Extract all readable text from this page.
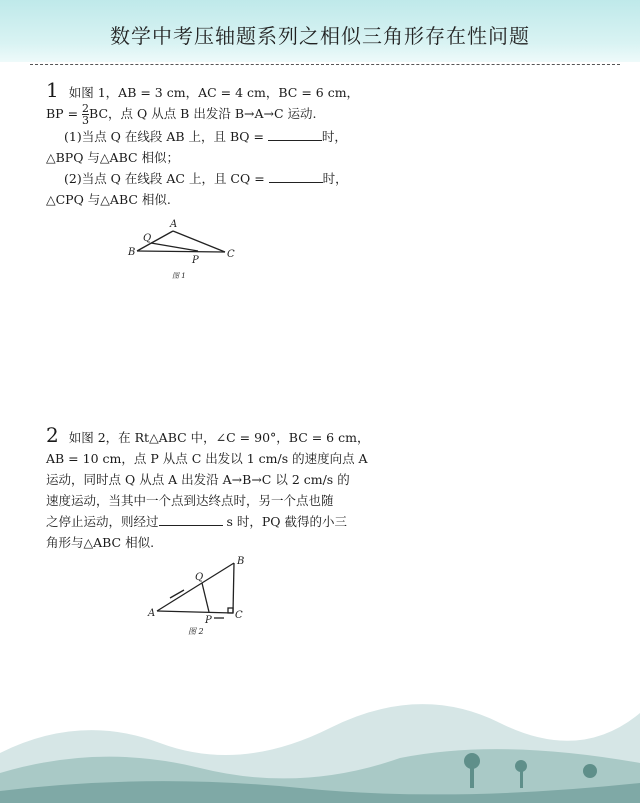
数学中考压轴题系列之相似三角形存在性问题
1 如图 1，AB = 3 cm，AC = 4 cm，BC = 6 cm，
BP = $\frac{2}{3}$ BC，点 Q 从点 B 出发沿 B→A→C 运动.
(1)当点 Q 在线段 AB 上，且 BQ =	时，
△BPQ 与△ABC 相似；
(2)当点 Q 在线段 AC 上，且 CQ =	时，
△CPQ 与△ABC 相似.
A
Q
B
P
C
图 1
2 如图 2，在 Rt△ABC 中，∠C = 90°，BC = 6 cm，
AB = 10 cm，点 P 从点 C 出发以 1 cm/s 的速度向点 A
运动，同时点 Q 从点 A 出发沿 A→B→C 以 2 cm/s 的
速度运动，当其中一个点到达终点时，另一个点也随
之停止运动，则经过	s 时，PQ 截得的小三
角形与△ABC 相似.
B
Q
A
P C
图 2
